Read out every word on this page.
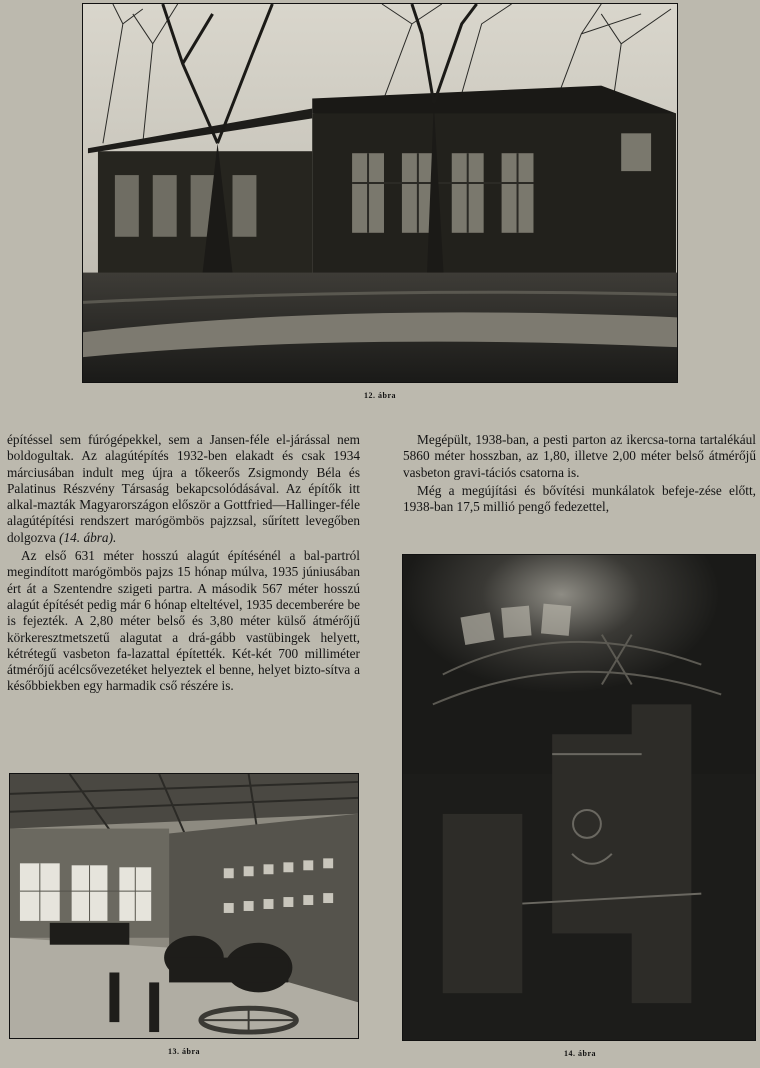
12. ábra

építéssel sem fúrógépekkel, sem a Jansen-féle el-járással nem boldogultak. Az alagútépítés 1932-ben elakadt és csak 1934 márciusában indult meg újra a tőkeerős Zsigmondy Béla és Palatinus Részvény Társaság bekapcsolódásával. Az építők itt alkal-mazták Magyarországon először a Gottfried—Hallinger-féle alagútépítési rendszert marógömbös pajzzsal, sűrített levegőben dolgozva (14. ábra).

Az első 631 méter hosszú alagút építésénél a bal-partról megindított marógömbös pajzs 15 hónap múlva, 1935 júniusában ért át a Szentendre szigeti partra. A második 567 méter hosszú alagút építését pedig már 6 hónap elteltével, 1935 decemberére be is fejezték. A 2,80 méter belső és 3,80 méter külső átmérőjű körkeresztmetszetű alagutat a drá-gább vastübingek helyett, kétrétegű vasbeton fa-lazattal építették. Két-két 700 milliméter átmérőjű acélcsővezetéket helyeztek el benne, helyet bizto-sítva a későbbiekben egy harmadik cső részére is.

Megépült, 1938-ban, a pesti parton az ikercsa-torna tartalékául 5860 méter hosszban, az 1,80, illetve 2,00 méter belső átmérőjű vasbeton gravi-tációs csatorna is.

Még a megújítási és bővítési munkálatok befeje-zése előtt, 1938-ban 17,5 millió pengő fedezettel,

13. ábra	14. ábra
